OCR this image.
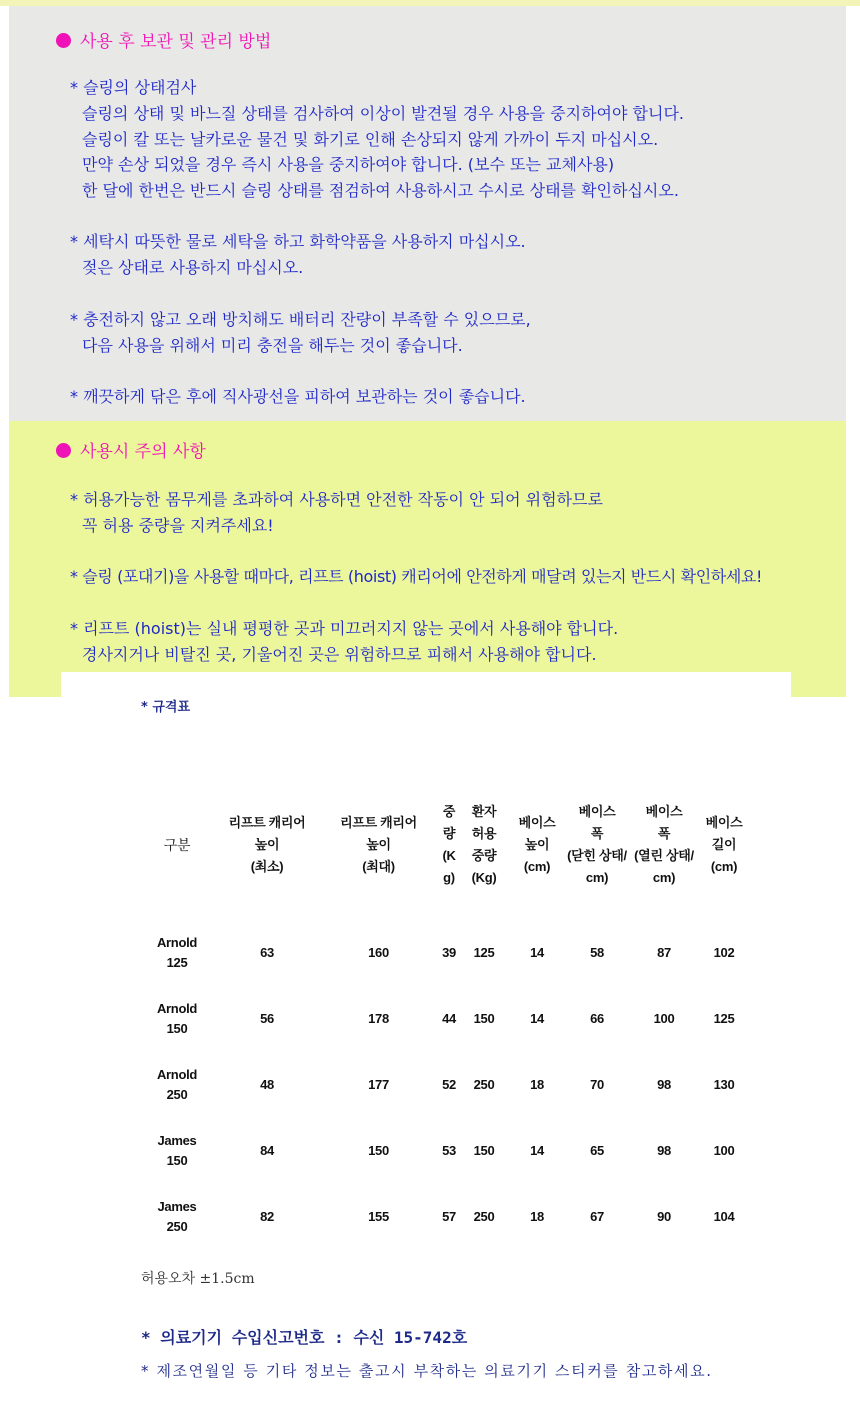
사용 후 보관 및 관리 방법
* 슬링의 상태검사
슬링의 상태 및 바느질 상태를 검사하여 이상이 발견될 경우 사용을 중지하여야 합니다.
슬링이 칼 또는 날카로운 물건 및 화기로 인해 손상되지 않게 가까이 두지 마십시오.
만약 손상 되었을 경우 즉시 사용을 중지하여야 합니다. (보수 또는 교체사용)
한 달에 한번은 반드시 슬링 상태를 점검하여 사용하시고 수시로 상태를 확인하십시오.
* 세탁시 따뜻한 물로 세탁을 하고 화학약품을 사용하지 마십시오.
젖은 상태로 사용하지 마십시오.
* 충전하지 않고 오래 방치해도 배터리 잔량이 부족할 수 있으므로,
다음 사용을 위해서 미리 충전을 해두는 것이 좋습니다.
* 깨끗하게 닦은 후에 직사광선을 피하여 보관하는 것이 좋습니다.
사용시 주의 사항
* 허용가능한 몸무게를 초과하여 사용하면 안전한 작동이 안 되어 위험하므로
꼭 허용 중량을 지켜주세요!
* 슬링 (포대기)을 사용할 때마다, 리프트 (hoist) 캐리어에 안전하게 매달려 있는지 반드시 확인하세요!
* 리프트 (hoist)는 실내 평평한 곳과 미끄러지지 않는 곳에서 사용해야 합니다.
경사지거나 비탈진 곳, 기울어진 곳은 위험하므로 피해서 사용해야 합니다.
* 규격표
구분	리프트 캐리어
높이
(최소)	리프트 캐리어
높이
(최대)	중량(Kg)	환자
허용
중량
(Kg)	베이스
높이
(cm)	베이스
폭
(닫힌 상태/
cm)	베이스
폭
(열린 상태/
cm)	베이스
길이
(cm)
Arnold
125	63	160	39	125	14	58	87	102
Arnold
150	56	178	44	150	14	66	100	125
Arnold
250	48	177	52	250	18	70	98	130
James
150	84	150	53	150	14	65	98	100
James
250	82	155	57	250	18	67	90	104
허용오차 ±1.5cm
* 의료기기 수입신고번호 : 수신 15-742호
* 제조연월일 등 기타 정보는 출고시 부착하는 의료기기 스티커를 참고하세요.
